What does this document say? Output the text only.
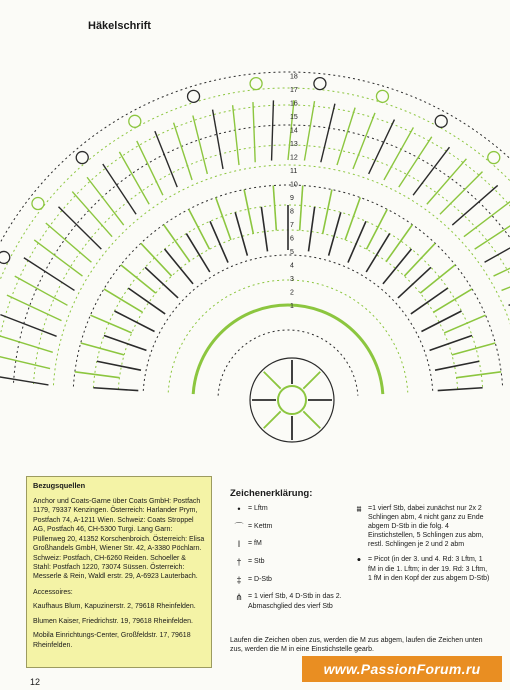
Häkelschrift
1
2
3
4
5
6
7
8
9
10
11
12
13
14
15
16
17
18
Bezugsquellen

Anchor und Coats-Garne über Coats GmbH: Postfach 1179, 79337 Kenzingen. Österreich: Harlander Prym, Postfach 74, A-1211 Wien. Schweiz: Coats Stroppel AG, Postfach 46, CH-5300 Turgi. Lang Garn: Püllenweg 20, 41352 Korschenbroich. Österreich: Elisa Großhandels GmbH, Wiener Str. 42, A-3380 Pöchlarn. Schweiz: Postfach, CH-6260 Reiden. Schoeller & Stahl: Postfach 1220, 73074 Süssen. Österreich: Messerle & Rein, Waldl erstr. 29, A-6923 Lauterbach.

Accessoires:

Kaufhaus Blum, Kapuzinerstr. 2, 79618 Rheinfelden.

Blumen Kaiser, Friedrichstr. 19, 79618 Rheinfelden.

Mobila Einrichtungs-Center, Großfeldstr. 17, 79618 Rheinfelden.

Zeichenerklärung:
•	= Lftm
⌒ = Kettm
I	= fM
† = Stb
‡ = D-Stb
⋔ = 1 vierf Stb, 4 D-Stb in das 2. Abmaschglied des vierf Stb
⩩ =1 vierf Stb, dabei zunächst nur 2x 2 Schlingen abm, 4 nicht ganz zu Ende abgem D-Stb in die folg. 4 Einstichstellen, 5 Schlingen zus abm, restl. Schlingen je 2 und 2 abm
ꔷ = Picot (in der 3. und 4. Rd: 3 Lftm, 1 fM in die 1. Lftm; in der 19. Rd: 3 Lftm, 1 fM in den Kopf der zus abgem D-Stb)
Laufen die Zeichen oben zus, werden die M zus abgem, laufen die Zeichen unten zus, werden die M in eine Einstichstelle gearb.
12
www.PassionForum.ru
